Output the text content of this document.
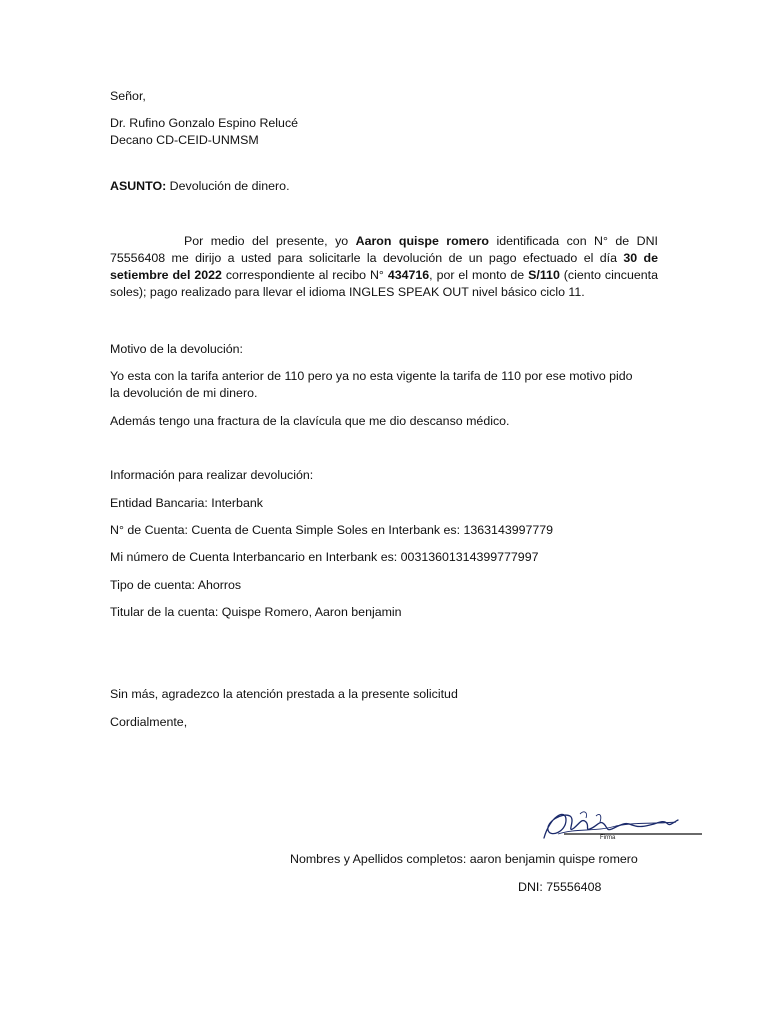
Señor,

Dr. Rufino Gonzalo Espino Relucé

Decano CD-CEID-UNMSM

ASUNTO: Devolución de dinero.

Por medio del presente, yo Aaron quispe romero identificada con N° de DNI 75556408 me dirijo a usted para solicitarle la devolución de un pago efectuado el día 30 de setiembre del 2022 correspondiente al recibo N° 434716, por el monto de S/110 (ciento cincuenta soles); pago realizado para llevar el idioma INGLES SPEAK OUT nivel básico ciclo 11.

Motivo de la devolución:

Yo esta con la tarifa anterior de 110 pero ya no esta vigente la tarifa de 110 por ese motivo pido la devolución de mi dinero.

Además tengo una fractura de la clavícula que me dio descanso médico.

Información para realizar devolución:

Entidad Bancaria: Interbank

N° de Cuenta: Cuenta de Cuenta Simple Soles en Interbank es: 1363143997779

Mi número de Cuenta Interbancario en Interbank es: 00313601314399777997

Tipo de cuenta: Ahorros

Titular de la cuenta: Quispe Romero, Aaron benjamin

Sin más, agradezco la atención prestada a la presente solicitud

Cordialmente,

Firma

Nombres y Apellidos completos: aaron benjamin quispe romero

DNI: 75556408
